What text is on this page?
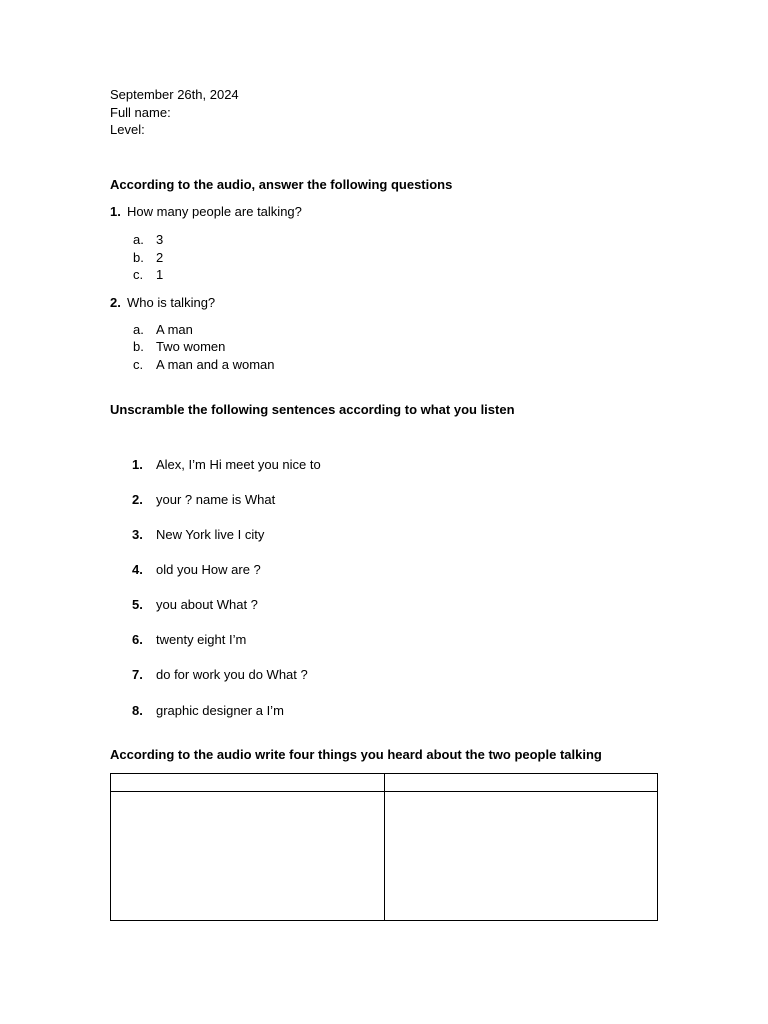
September 26th, 2024
Full name:
Level:
According to the audio, answer the following questions
1. How many people are talking?
a. 3
b. 2
c. 1
2. Who is talking?
a. A man
b. Two women
c. A man and a woman
Unscramble the following sentences according to what you listen
1. Alex, I’m Hi meet you nice to
2. your ? name is What
3. New York live I city
4. old you How are ?
5. you about What ?
6. twenty eight I’m
7. do for work you do What ?
8. graphic designer a I’m
According to the audio write four things you heard about the two people talking
